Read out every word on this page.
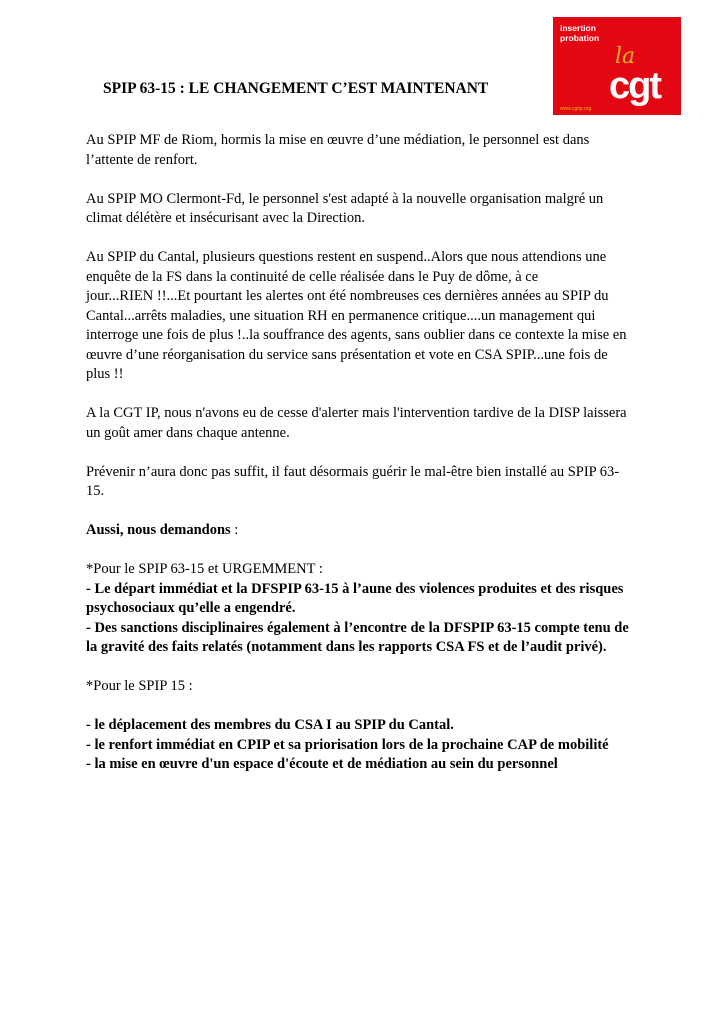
insertion
probation
la
cgt
www.cgtip.org
SPIP 63-15 : LE CHANGEMENT C’EST MAINTENANT

Au SPIP MF de Riom, hormis la mise en œuvre d’une médiation, le personnel est dans
l’attente de renfort.

Au SPIP MO Clermont-Fd, le personnel s'est adapté à la nouvelle organisation malgré un
climat délétère et insécurisant avec la Direction.

Au SPIP du Cantal, plusieurs questions restent en suspend..Alors que nous attendions une
enquête de la FS dans la continuité de celle réalisée dans le Puy de dôme, à ce
jour...RIEN !!...Et pourtant les alertes ont été nombreuses ces dernières années au SPIP du
Cantal...arrêts maladies, une situation RH en permanence critique....un management qui
interroge une fois de plus !..la souffrance des agents, sans oublier dans ce contexte la mise en
œuvre d’une réorganisation du service sans présentation et vote en CSA SPIP...une fois de
plus !!

A la CGT IP, nous n'avons eu de cesse d'alerter mais l'intervention tardive de la DISP laissera
un goût amer dans chaque antenne.

Prévenir n’aura donc pas suffit, il faut désormais guérir le mal-être bien installé au SPIP 63-
15.

Aussi, nous demandons :

*Pour le SPIP 63-15 et URGEMMENT :
- Le départ immédiat et la DFSPIP 63-15 à l’aune des violences produites et des risques
psychosociaux qu’elle a engendré.
- Des sanctions disciplinaires également à l’encontre de la DFSPIP 63-15 compte tenu de
la gravité des faits relatés (notamment dans les rapports CSA FS et de l’audit privé).
*Pour le SPIP 15 :

- le déplacement des membres du CSA I au SPIP du Cantal.
- le renfort immédiat en CPIP et sa priorisation lors de la prochaine CAP de mobilité
- la mise en œuvre d'un espace d'écoute et de médiation au sein du personnel
